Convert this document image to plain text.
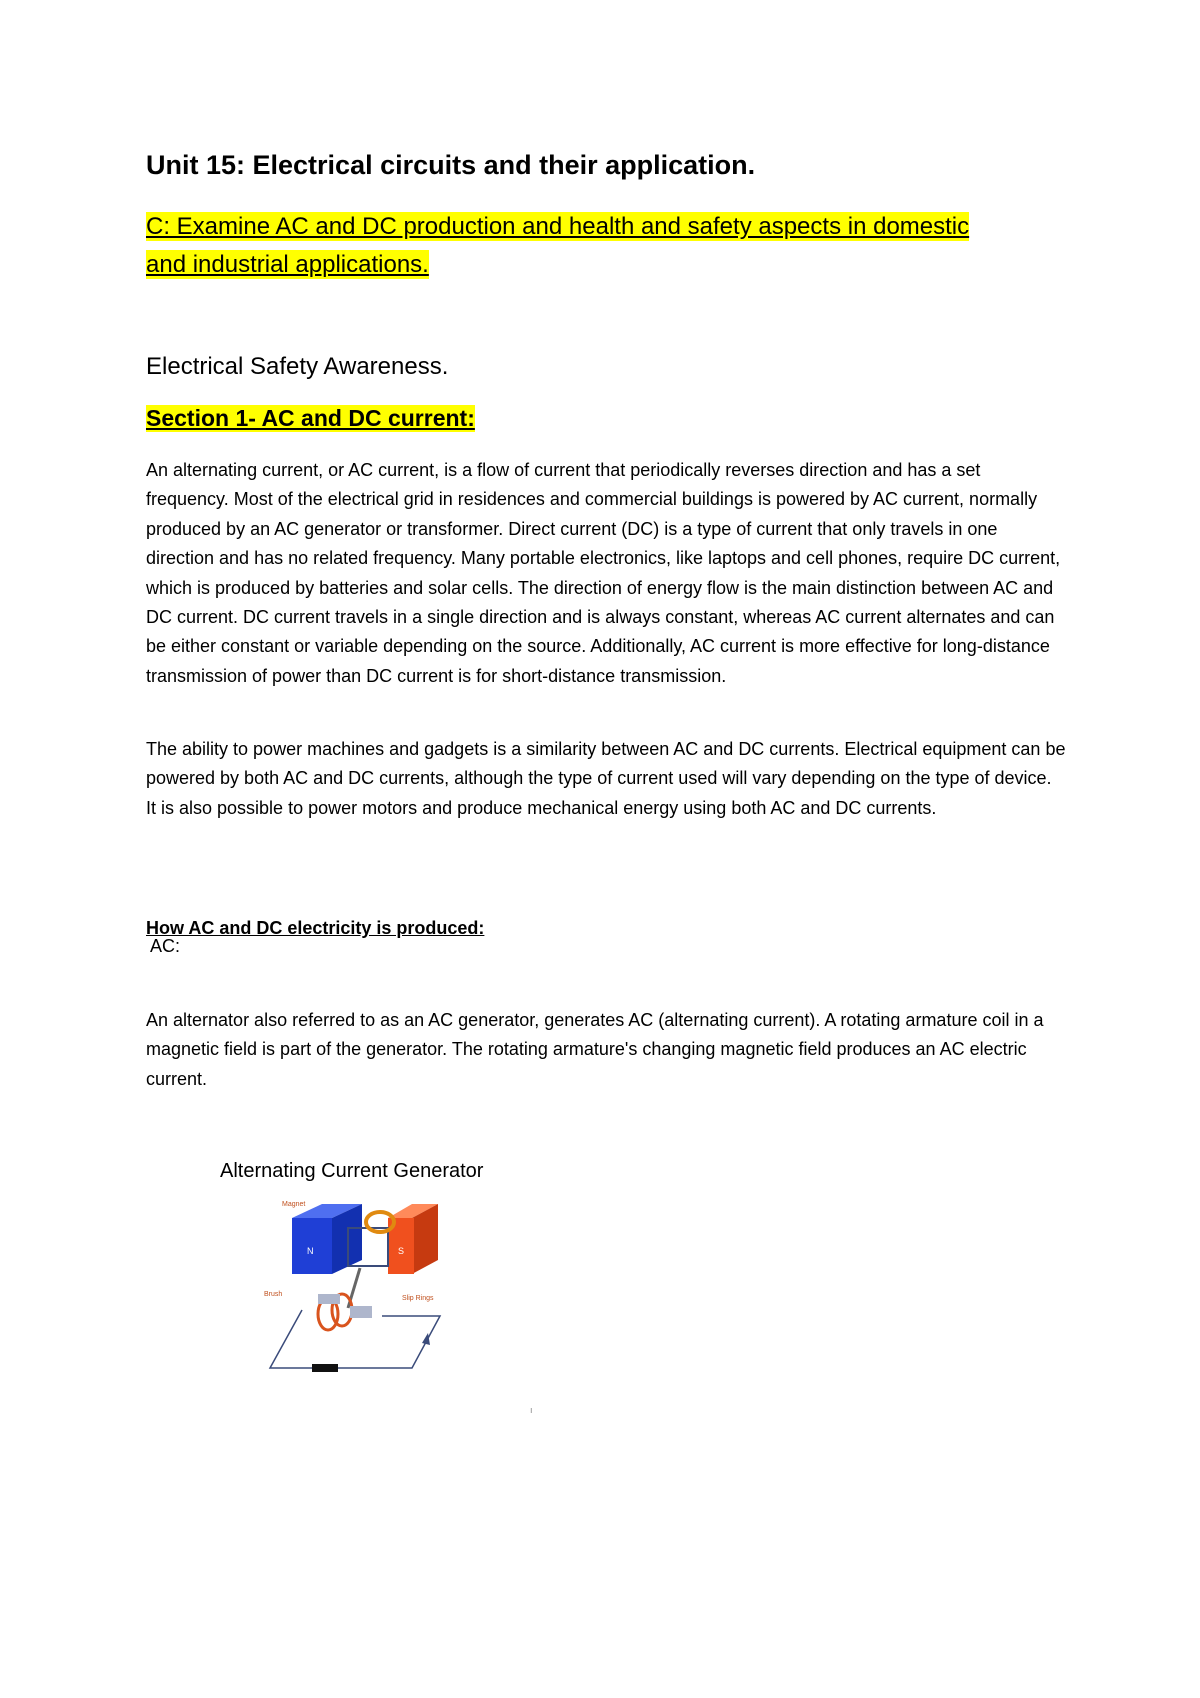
Unit 15: Electrical circuits and their application.
C: Examine AC and DC production and health and safety aspects in domestic
and industrial applications.
Electrical Safety Awareness.
Section 1- AC and DC current:
An alternating current, or AC current, is a flow of current that periodically reverses direction and has a set frequency. Most of the electrical grid in residences and commercial buildings is powered by AC current, normally produced by an AC generator or transformer. Direct current (DC) is a type of current that only travels in one direction and has no related frequency. Many portable electronics, like laptops and cell phones, require DC current, which is produced by batteries and solar cells. The direction of energy flow is the main distinction between AC and DC current. DC current travels in a single direction and is always constant, whereas AC current alternates and can be either constant or variable depending on the source. Additionally, AC current is more effective for long-distance transmission of power than DC current is for short-distance transmission.
The ability to power machines and gadgets is a similarity between AC and DC currents. Electrical equipment can be powered by both AC and DC currents, although the type of current used will vary depending on the type of device. It is also possible to power motors and produce mechanical energy using both AC and DC currents.
How AC and DC electricity is produced:
AC:
An alternator also referred to as an AC generator, generates AC (alternating current). A rotating armature coil in a magnetic field is part of the generator. The rotating armature's changing magnetic field produces an AC electric current.
Alternating Current Generator
N	S
Magnet
Brush
Slip Rings
ı
